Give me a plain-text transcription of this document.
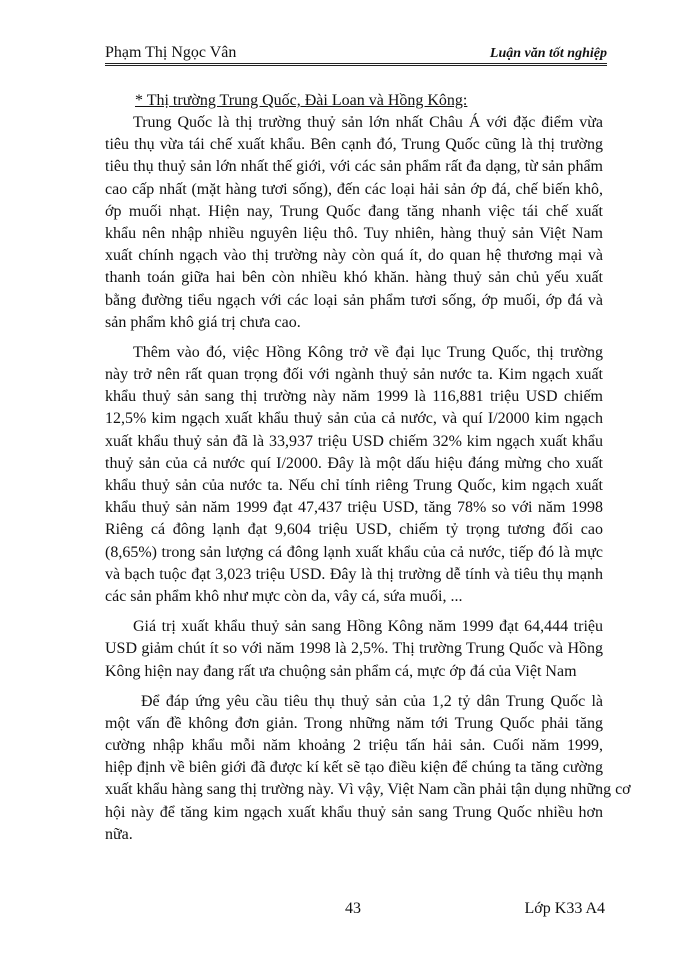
Phạm Thị Ngọc Vân	Luận văn tốt nghiệp
* Thị trường Trung Quốc, Đài Loan và Hồng Kông:
Trung Quốc là thị trường thuỷ sản lớn nhất Châu Á với đặc điểm vừa
tiêu thụ vừa tái chế xuất khẩu. Bên cạnh đó, Trung Quốc cũng là thị trường
tiêu thụ thuỷ sản lớn nhất thế giới, với các sản phẩm rất đa dạng, từ sản phẩm
cao cấp nhất (mặt hàng tươi sống), đến các loại hải sản ớp đá, chế biến khô,
ớp muối nhạt. Hiện nay, Trung Quốc đang tăng nhanh việc tái chế xuất
khẩu nên nhập nhiều nguyên liệu thô. Tuy nhiên, hàng thuỷ sản Việt Nam
xuất chính ngạch vào thị trường này còn quá ít, do quan hệ thương mại và
thanh toán giữa hai bên còn nhiều khó khăn. hàng thuỷ sản chủ yếu xuất
bằng đường tiểu ngạch với các loại sản phẩm tươi sống, ớp muối, ớp đá và
sản phẩm khô giá trị chưa cao.
Thêm vào đó, việc Hồng Kông trở về đại lục Trung Quốc, thị trường
này trở nên rất quan trọng đối với ngành thuỷ sản nước ta. Kim ngạch xuất
khẩu thuỷ sản sang thị trường này năm 1999 là 116,881 triệu USD chiếm
12,5% kim ngạch xuất khẩu thuỷ sản của cả nước, và quí I/2000 kim ngạch
xuất khẩu thuỷ sản đã là 33,937 triệu USD chiếm 32% kim ngạch xuất khẩu
thuỷ sản của cả nước quí I/2000. Đây là một dấu hiệu đáng mừng cho xuất
khẩu thuỷ sản của nước ta. Nếu chỉ tính riêng Trung Quốc, kim ngạch xuất
khẩu thuỷ sản năm 1999 đạt 47,437 triệu USD, tăng 78% so với năm 1998
Riêng cá đông lạnh đạt 9,604 triệu USD, chiếm tỷ trọng tương đối cao
(8,65%) trong sản lượng cá đông lạnh xuất khẩu của cả nước, tiếp đó là mực
và bạch tuộc đạt 3,023 triệu USD. Đây là thị trường dễ tính và tiêu thụ mạnh
các sản phẩm khô như mực còn da, vây cá, sứa muối, ...
Giá trị xuất khẩu thuỷ sản sang Hồng Kông năm 1999 đạt 64,444 triệu
USD giảm chút ít so với năm 1998 là 2,5%. Thị trường Trung Quốc và Hồng
Kông hiện nay đang rất ưa chuộng sản phẩm cá, mực ớp đá của Việt Nam
Để đáp ứng yêu cầu tiêu thụ thuỷ sản của 1,2 tỷ dân Trung Quốc là
một vấn đề không đơn giản. Trong những năm tới Trung Quốc phải tăng
cường nhập khẩu mỗi năm khoảng 2 triệu tấn hải sản. Cuối năm 1999,
hiệp định về biên giới đã được kí kết sẽ tạo điều kiện để chúng ta tăng cường
xuất khẩu hàng sang thị trường này. Vì vậy, Việt Nam cần phải tận dụng những cơ
hội này để tăng kim ngạch xuất khẩu thuỷ sản sang Trung Quốc nhiều hơn
nữa.
43	Lớp K33 A4
